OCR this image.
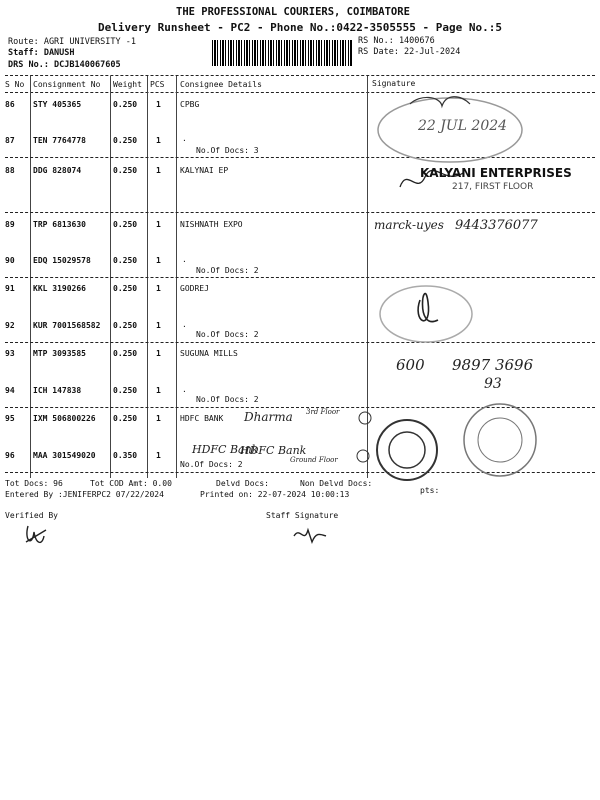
THE PROFESSIONAL COURIERS, COIMBATORE
Delivery Runsheet - PC2 - Phone No.:0422-3505555 - Page No.:5
Route: AGRI UNIVERSITY -1
Staff: DANUSH
DRS No.: DCJB140067605
RS No.: 1400676
RS Date: 22-Jul-2024
S No Consignment No Weight PCS Consignee Details	Signature
86 STY 405365	0.250 1 CPBG
87 TEN 7764778	0.250 1	.
No.Of Docs: 3
88 DDG 828074	0.250 1 KALYNAI EP
89 TRP 6813630	0.250 1 NISHNATH EXPO
90 EDQ 15029578	0.250 1	.
No.Of Docs: 2
91 KKL 3190266	0.250 1 GODREJ
92 KUR 7001568582 0.250 1	.
No.Of Docs: 2
93 MTP 3093585	0.250 1 SUGUNA MILLS
94 ICH 147838	0.250 1	.
No.Of Docs: 2
95 IXM 506800226 0.250 1 HDFC BANK
96 MAA 301549020 0.350 1	HDFC Bank
No.Of Docs: 2
22 JUL 2024
KALYANI ENTERPRISES
217, FIRST FLOOR
marck-uyes 9443376077
600 9897 3696
93
Dharma 3rd Floor
HDFC Bank
Ground Floor
Tot Docs: 96	Tot COD Amt: 0.00	Delvd Docs:	Non Delvd Docs:
pts:
Entered By :JENIFERPC2 07/22/2024	Printed on: 22-07-2024 10:00:13
Verified By	Staff Signature
